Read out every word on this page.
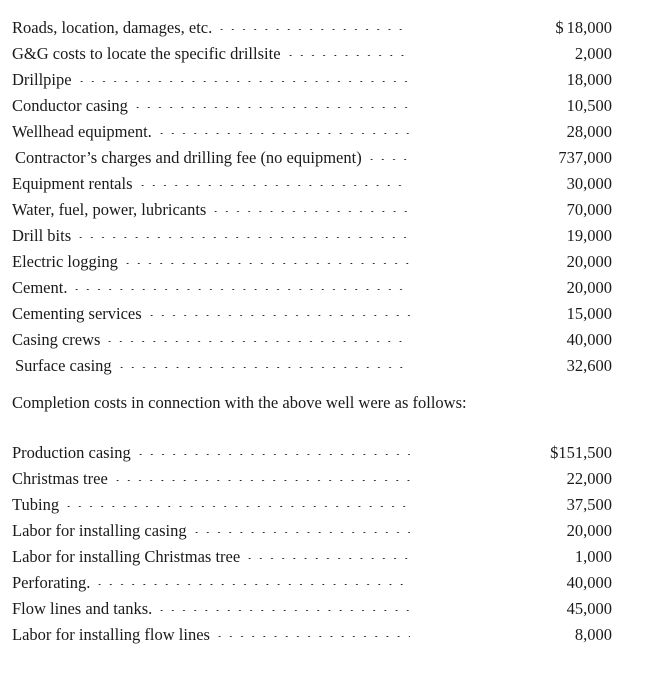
Roads, location, damages, etc.	$ 18,000

G&G costs to locate the specific drillsite	2,000

Drillpipe	18,000

Conductor casing	10,500

Wellhead equipment.	28,000

Contractor’s charges and drilling fee (no equipment)	737,000

Equipment rentals	30,000

Water, fuel, power, lubricants	70,000

Drill bits	19,000

Electric logging	20,000

Cement.	20,000

Cementing services	15,000

Casing crews	40,000

Surface casing	32,600
Completion costs in connection with the above well were as follows:
Production casing	$151,500

Christmas tree	22,000

Tubing	37,500

Labor for installing casing	20,000

Labor for installing Christmas tree	1,000

Perforating.	40,000

Flow lines and tanks.	45,000

Labor for installing flow lines	8,000
